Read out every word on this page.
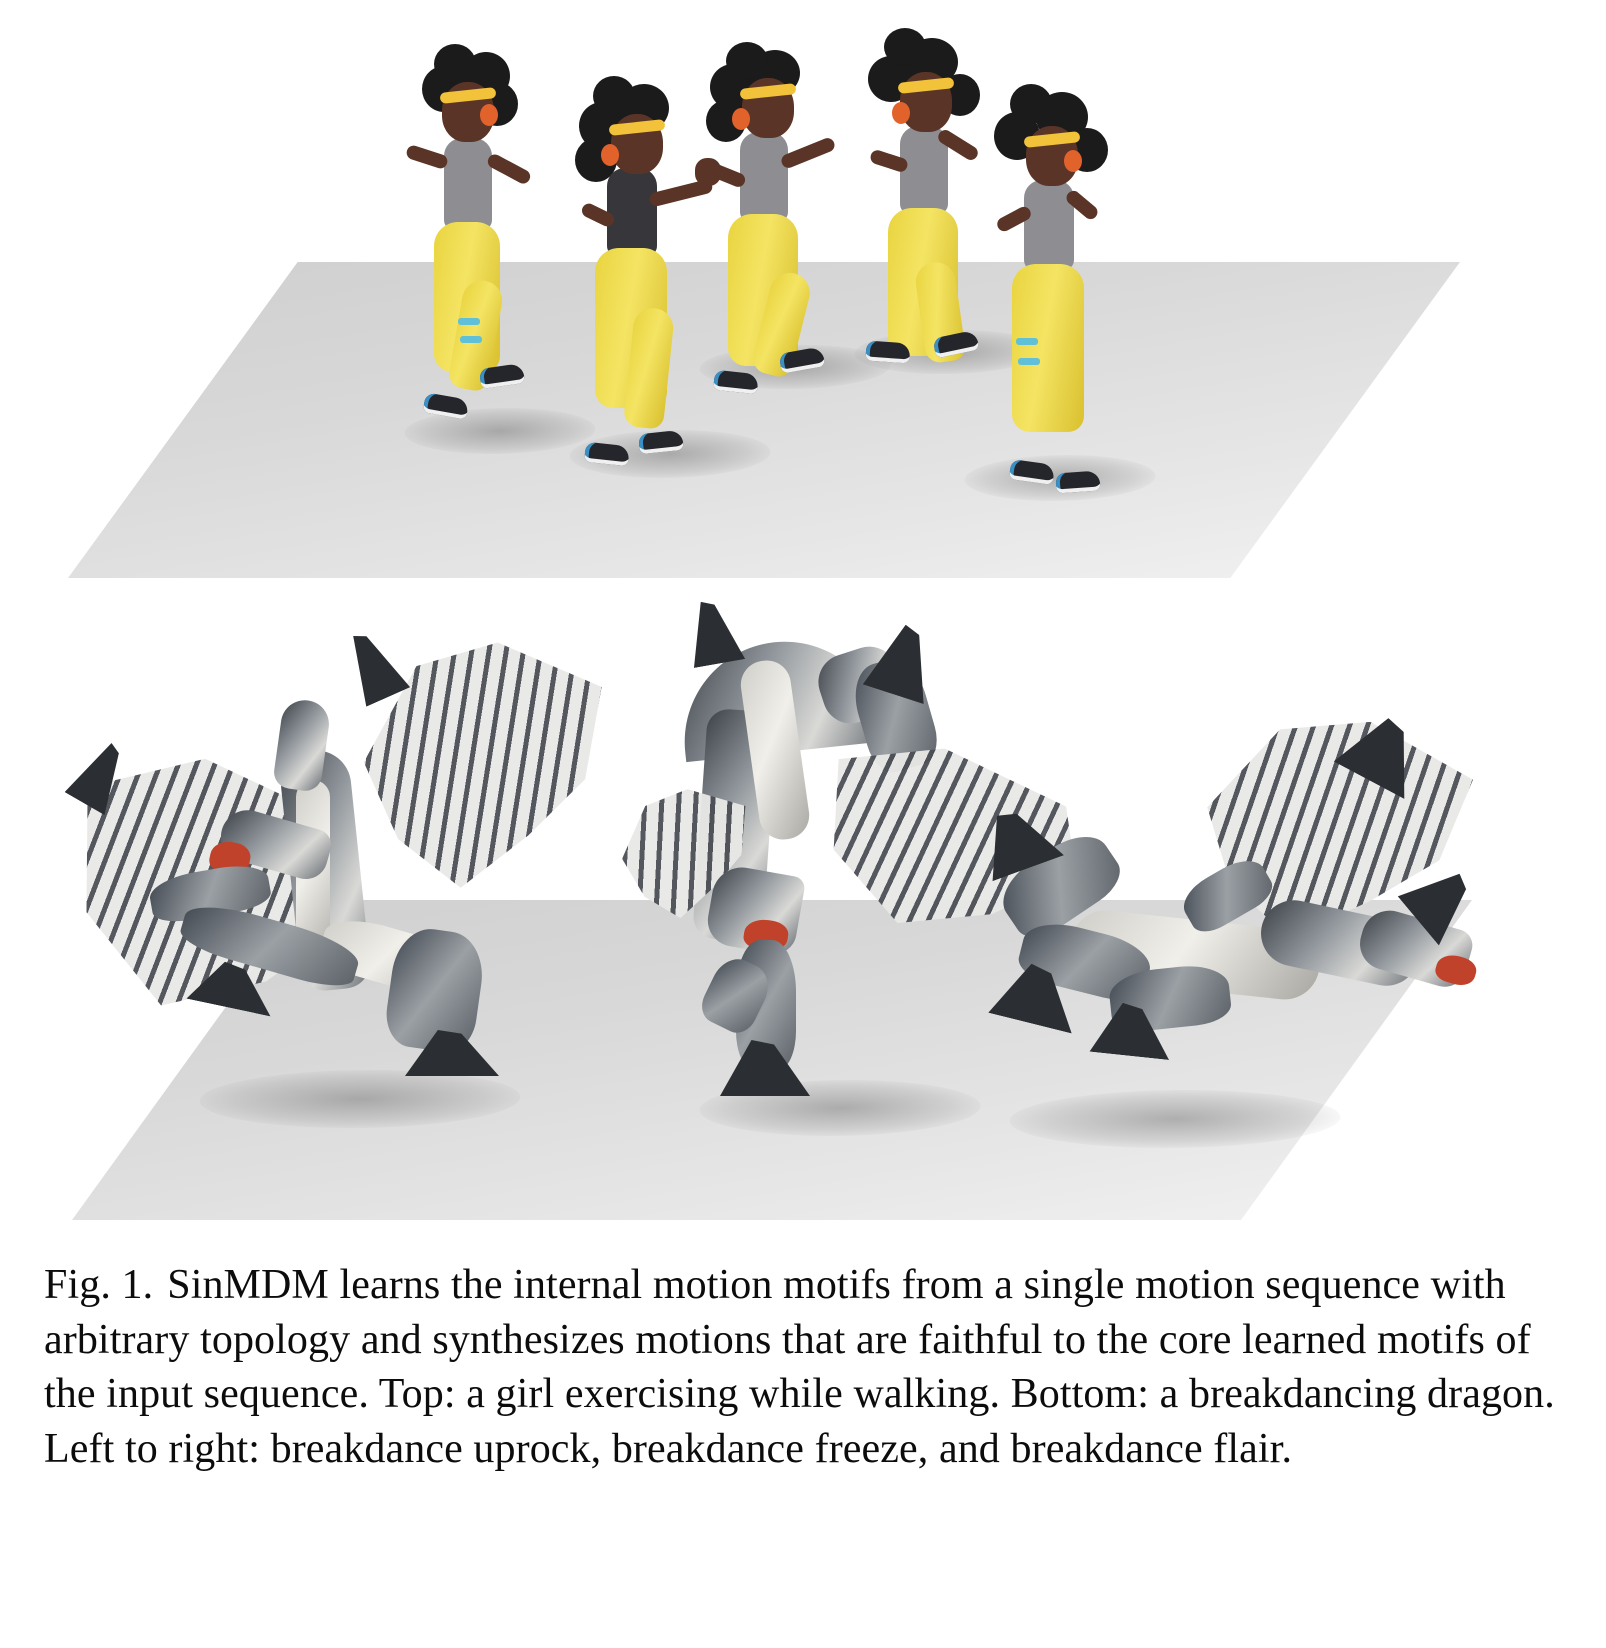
Fig. 1. SinMDM learns the internal motion motifs from a single motion sequence with arbitrary topology and synthesizes motions that are faithful to the core learned motifs of the input sequence. Top: a girl exercising while walking. Bottom: a breakdancing dragon. Left to right: breakdance uprock, breakdance freeze, and breakdance flair.
